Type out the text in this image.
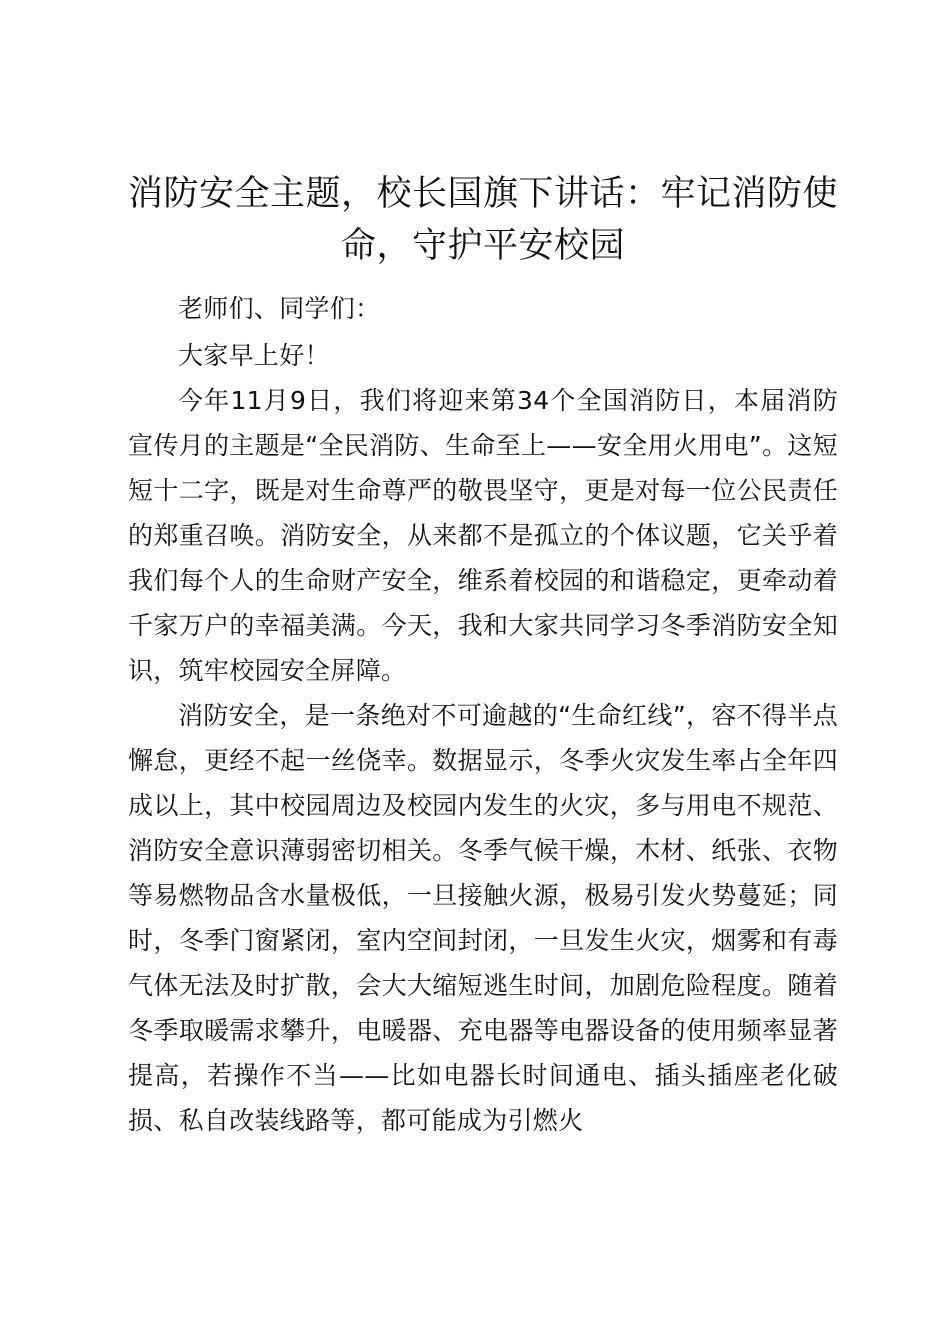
消防安全主题，校长国旗下讲话：牢记消防使命，守护平安校园

老师们、同学们：

大家早上好！

今年11月9日，我们将迎来第34个全国消防日，本届消防宣传月的主题是“全民消防、生命至上——安全用火用电”。这短短十二字，既是对生命尊严的敬畏坚守，更是对每一位公民责任的郑重召唤。消防安全，从来都不是孤立的个体议题，它关乎着我们每个人的生命财产安全，维系着校园的和谐稳定，更牵动着千家万户的幸福美满。今天，我和大家共同学习冬季消防安全知识，筑牢校园安全屏障。

消防安全，是一条绝对不可逾越的“生命红线”，容不得半点懈怠，更经不起一丝侥幸。数据显示，冬季火灾发生率占全年四成以上，其中校园周边及校园内发生的火灾，多与用电不规范、消防安全意识薄弱密切相关。冬季气候干燥，木材、纸张、衣物等易燃物品含水量极低，一旦接触火源，极易引发火势蔓延；同时，冬季门窗紧闭，室内空间封闭，一旦发生火灾，烟雾和有毒气体无法及时扩散，会大大缩短逃生时间，加剧危险程度。随着冬季取暖需求攀升，电暖器、充电器等电器设备的使用频率显著提高，若操作不当——比如电器长时间通电、插头插座老化破损、私自改装线路等，都可能成为引燃火
